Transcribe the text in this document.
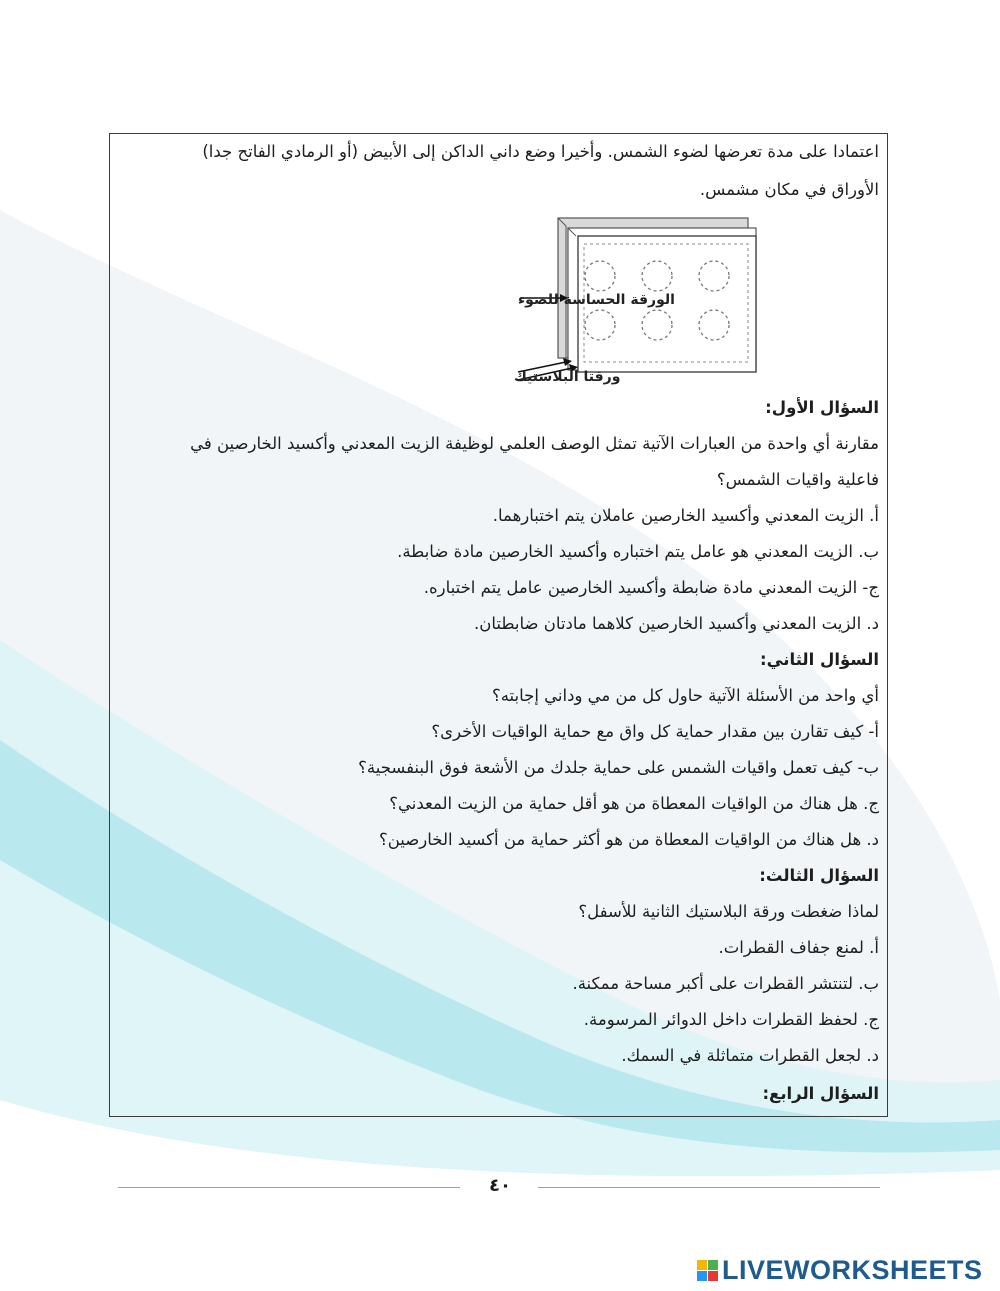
اعتمادا على مدة تعرضها لضوء الشمس. وأخيرا وضع داني الداكن إلى الأبيض (أو الرمادي الفاتح جدا)
الأوراق في مكان مشمس.
الورقة الحساسة للضوء
ورقتا البلاستيك
السؤال الأول:
مقارنة أي واحدة من العبارات الآتية تمثل الوصف العلمي لوظيفة الزيت المعدني وأكسيد الخارصين في
فاعلية واقيات الشمس؟
أ. الزيت المعدني وأكسيد الخارصين عاملان يتم اختبارهما.
ب. الزيت المعدني هو عامل يتم اختباره وأكسيد الخارصين مادة ضابطة.
ج- الزيت المعدني مادة ضابطة وأكسيد الخارصين عامل يتم اختباره.
د. الزيت المعدني وأكسيد الخارصين كلاهما مادتان ضابطتان.
السؤال الثاني:
أي واحد من الأسئلة الآتية حاول كل من مي وداني إجابته؟
أ- كيف تقارن بين مقدار حماية كل واق مع حماية الواقيات الأخرى؟
ب- كيف تعمل واقيات الشمس على حماية جلدك من الأشعة فوق البنفسجية؟
ج. هل هناك من الواقيات المعطاة من هو أقل حماية من الزيت المعدني؟
د. هل هناك من الواقيات المعطاة من هو أكثر حماية من أكسيد الخارصين؟
السؤال الثالث:
لماذا ضغطت ورقة البلاستيك الثانية للأسفل؟
أ. لمنع جفاف القطرات.
ب. لتنتشر القطرات على أكبر مساحة ممكنة.
ج. لحفظ القطرات داخل الدوائر المرسومة.
د. لجعل القطرات متماثلة في السمك.
السؤال الرابع:
٤٠
LIVEWORKSHEETS
